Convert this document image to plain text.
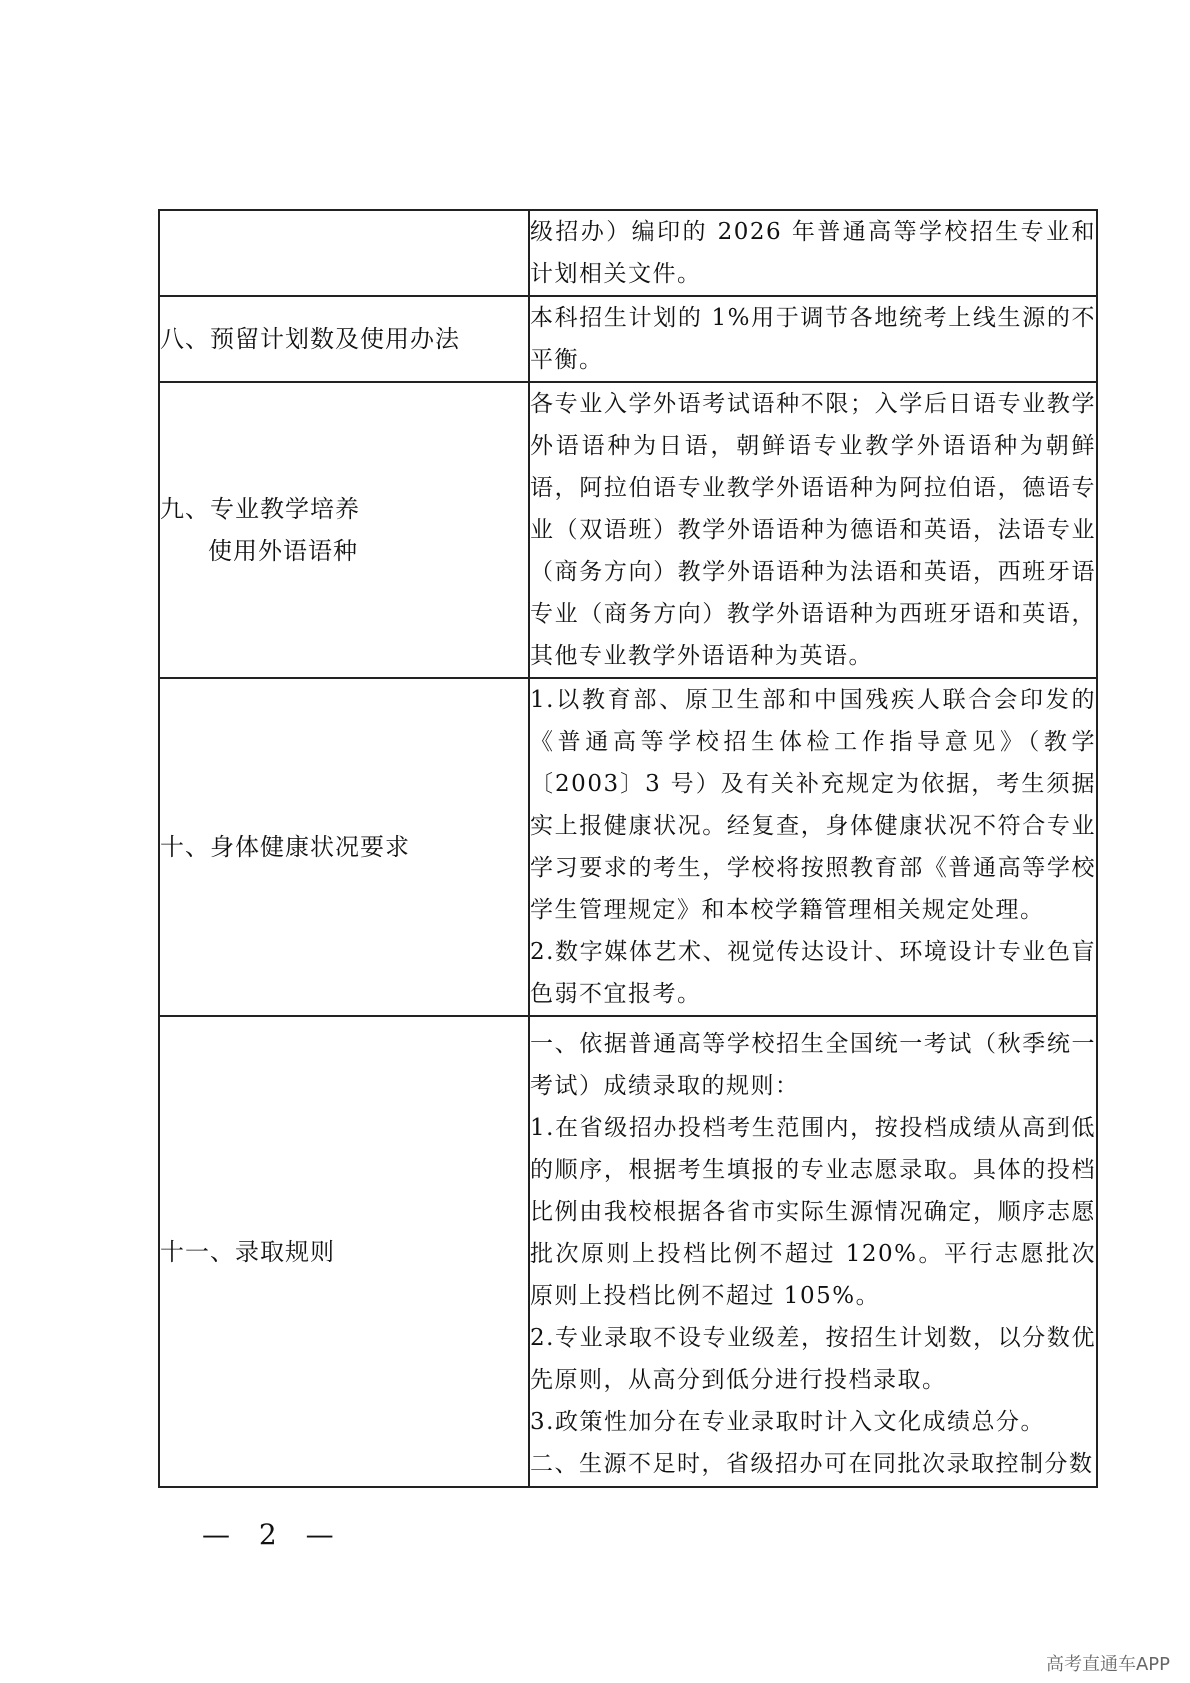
	级招办）编印的 2026 年普通高等学校招生专业和计划相关文件。

八、预留计划数及使用办法	本科招生计划的 1%用于调节各地统考上线生源的不平衡。

九、专业教学培养
使用外语语种	各专业入学外语考试语种不限；入学后日语专业教学外语语种为日语，朝鲜语专业教学外语语种为朝鲜语，阿拉伯语专业教学外语语种为阿拉伯语，德语专业（双语班）教学外语语种为德语和英语，法语专业（商务方向）教学外语语种为法语和英语，西班牙语专业（商务方向）教学外语语种为西班牙语和英语，其他专业教学外语语种为英语。

十、身体健康状况要求	1.以教育部、原卫生部和中国残疾人联合会印发的《普通高等学校招生体检工作指导意见》（教学〔2003〕3 号）及有关补充规定为依据，考生须据实上报健康状况。经复查，身体健康状况不符合专业学习要求的考生，学校将按照教育部《普通高等学校学生管理规定》和本校学籍管理相关规定处理。

2.数字媒体艺术、视觉传达设计、环境设计专业色盲色弱不宜报考。

十一、录取规则	一、依据普通高等学校招生全国统一考试（秋季统一考试）成绩录取的规则：

1.在省级招办投档考生范围内，按投档成绩从高到低的顺序，根据考生填报的专业志愿录取。具体的投档比例由我校根据各省市实际生源情况确定，顺序志愿批次原则上投档比例不超过 120%。平行志愿批次原则上投档比例不超过 105%。

2.专业录取不设专业级差，按招生计划数，以分数优先原则，从高分到低分进行投档录取。

3.政策性加分在专业录取时计入文化成绩总分。

二、生源不足时，省级招办可在同批次录取控制分数

— 2 —
高考直通车APP
